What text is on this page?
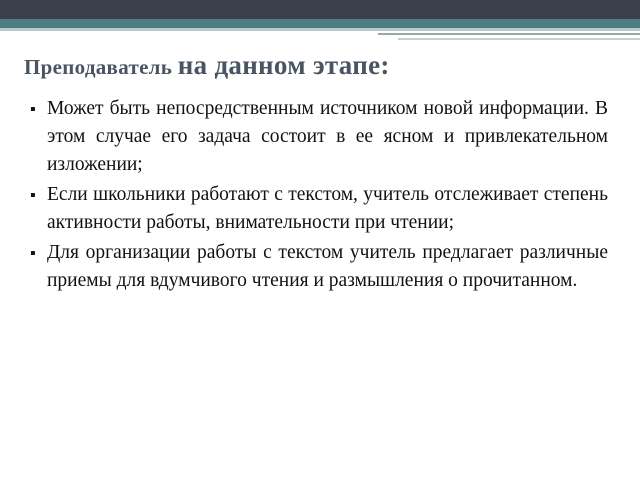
Преподаватель на данном этапе:
▪ Может быть непосредственным источником новой информации. В этом случае его задача состоит в ее ясном и привлекательном изложении;
▪ Если школьники работают с текстом, учитель отслеживает степень активности работы, внимательности при чтении;
▪ Для организации работы с текстом учитель предлагает различные приемы для вдумчивого чтения и размышления о прочитанном.
